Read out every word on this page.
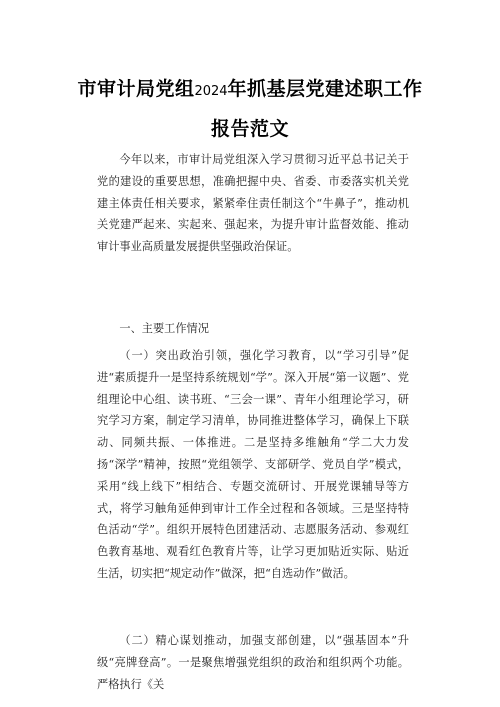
市审计局党组2024年抓基层党建述职工作
报告范文

今年以来，市审计局党组深入学习贯彻习近平总书记关于党的建设的重要思想，准确把握中央、省委、市委落实机关党建主体责任相关要求，紧紧牵住责任制这个“牛鼻子”，推动机关党建严起来、实起来、强起来，为提升审计监督效能、推动审计事业高质量发展提供坚强政治保证。

一、主要工作情况

（一）突出政治引领，强化学习教育，以“学习引导”促进“素质提升一是坚持系统规划“学”。深入开展“第一议题”、党组理论中心组、读书班、“三会一课”、青年小组理论学习，研究学习方案，制定学习清单，协同推进整体学习，确保上下联动、同频共振、一体推进。二是坚持多维触角“学二大力发扬“深学”精神，按照“党组领学、支部研学、党员自学”模式，采用“线上线下”相结合、专题交流研讨、开展党课辅导等方式，将学习触角延伸到审计工作全过程和各领域。三是坚持特色活动“学”。组织开展特色团建活动、志愿服务活动、参观红色教育基地、观看红色教育片等，让学习更加贴近实际、贴近生活，切实把“规定动作”做深，把“自选动作”做活。

（二）精心谋划推动，加强支部创建，以“强基固本”升级“亮牌登高”。一是聚焦增强党组织的政治和组织两个功能。严格执行《关
